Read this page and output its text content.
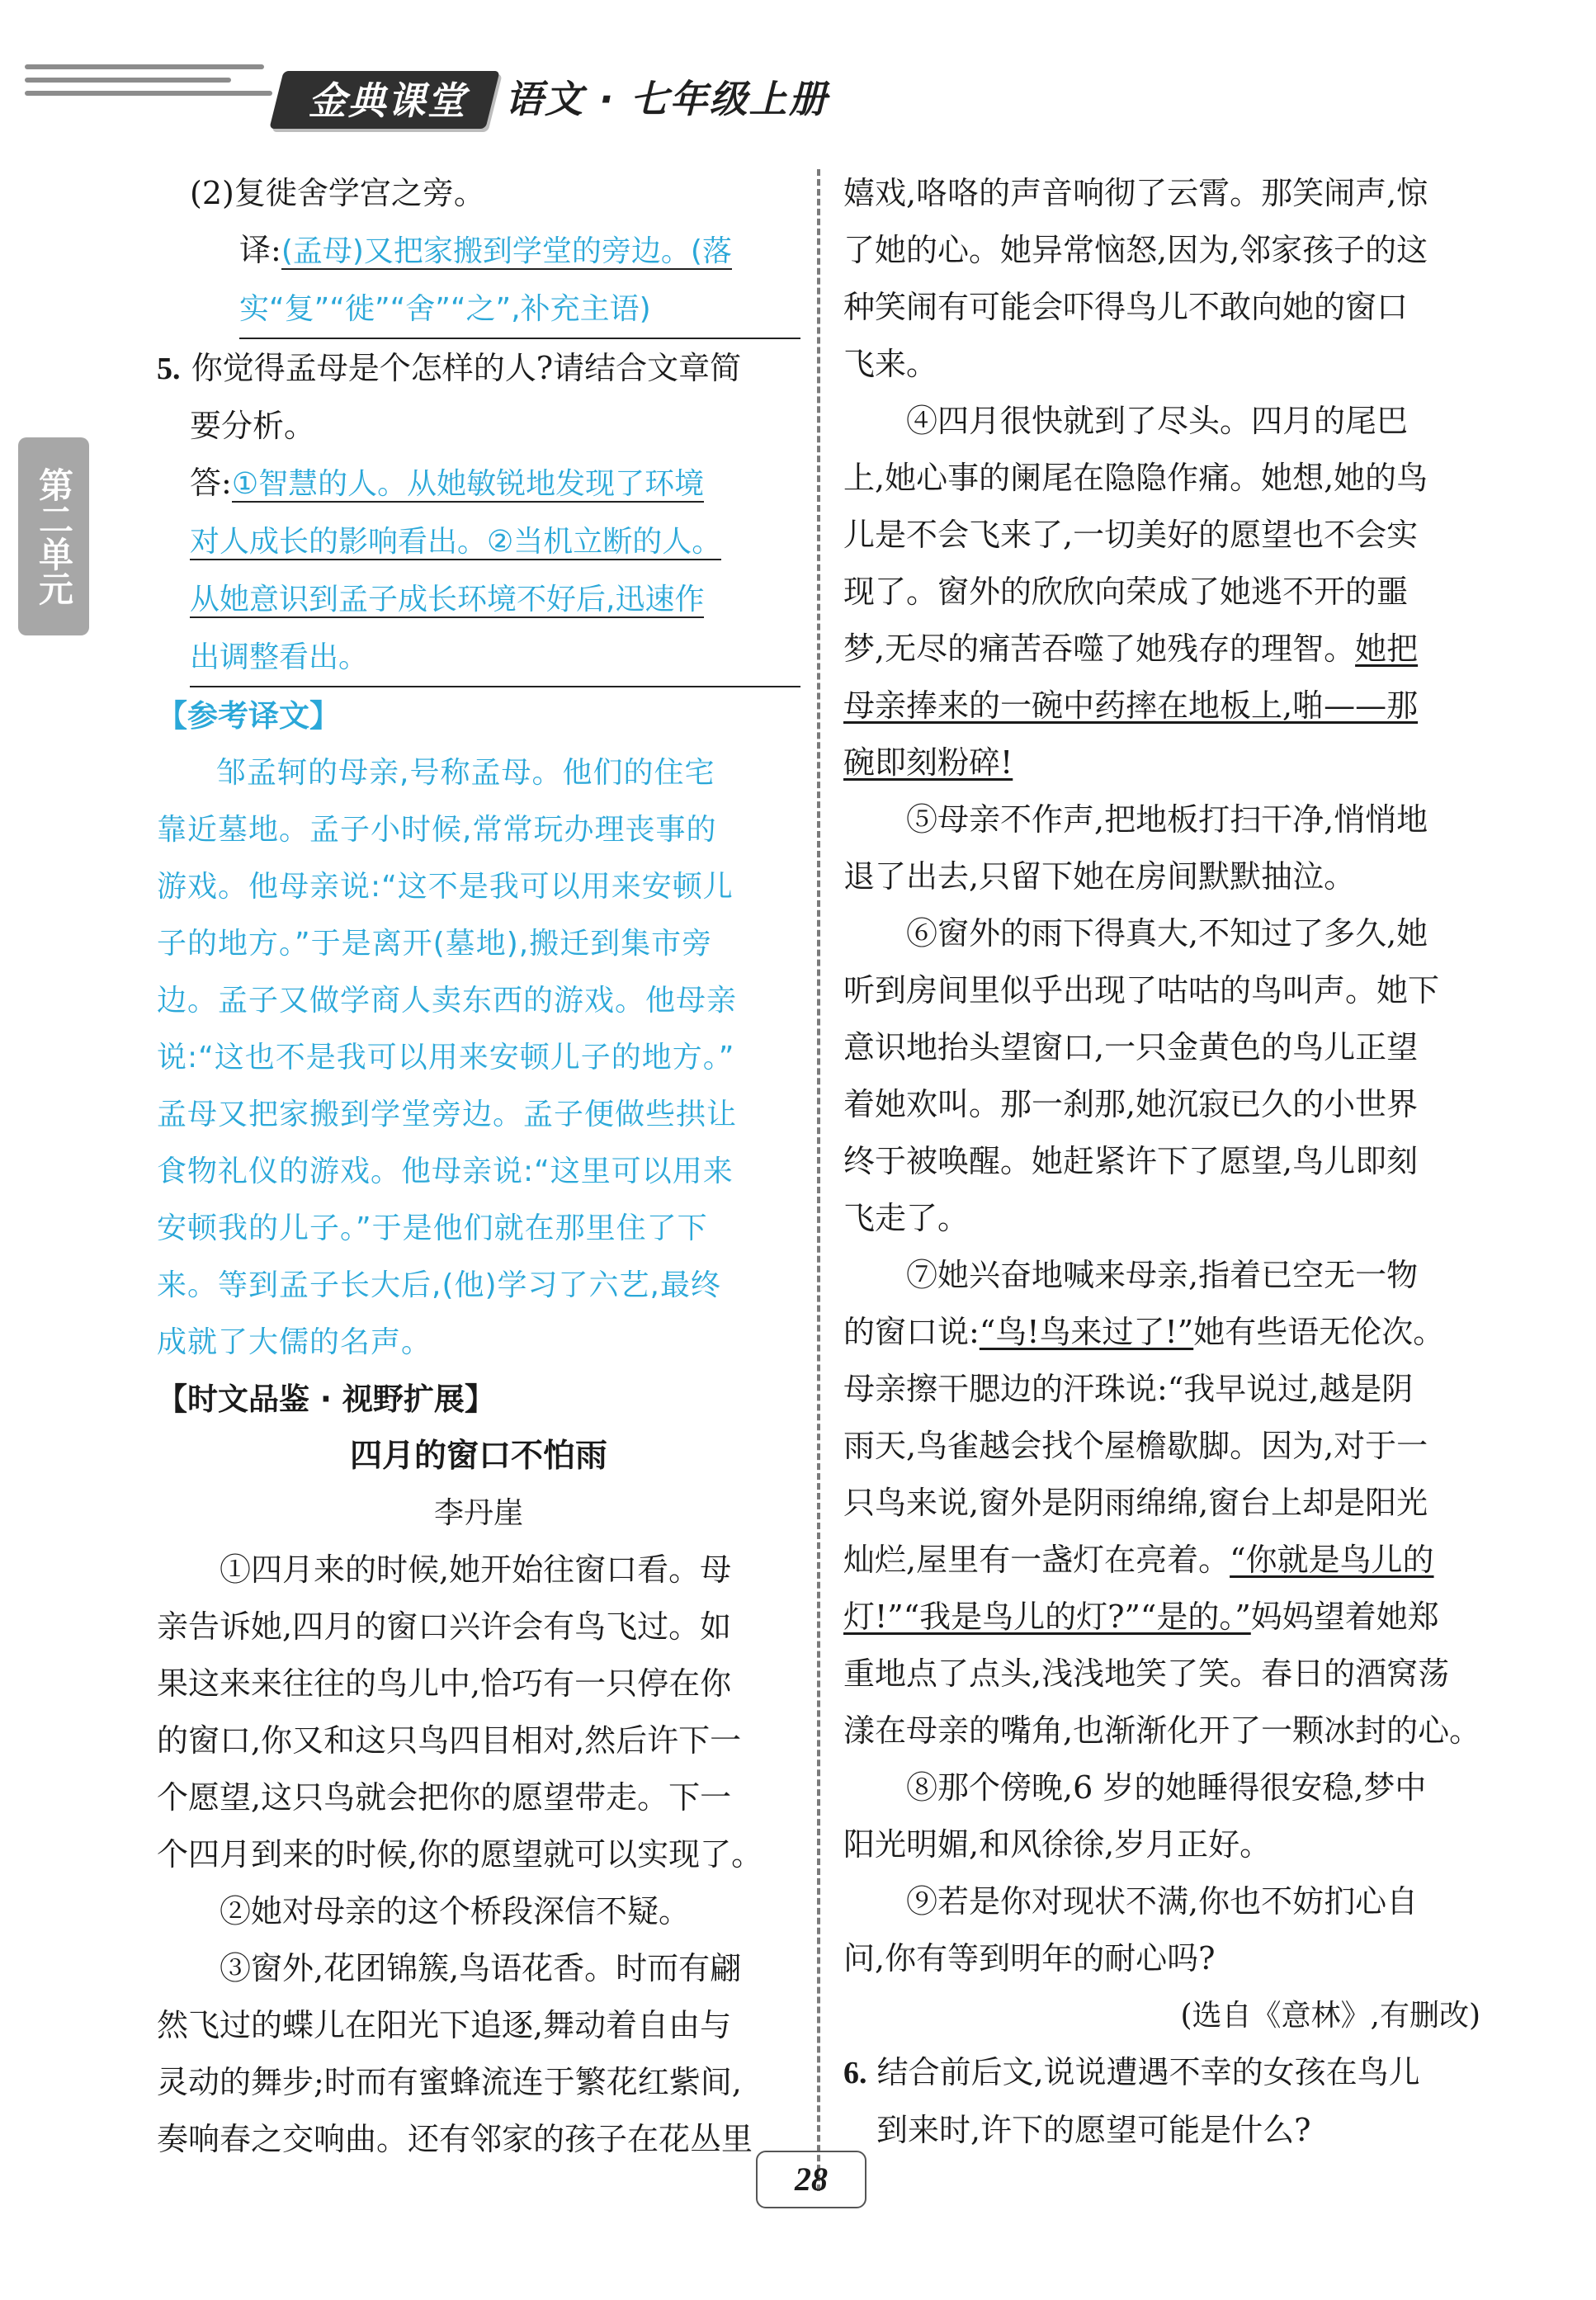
金典课堂	语文 · 七年级上册
第二单元

(2)复徙舍学宫之旁。

译:(孟母)又把家搬到学堂的旁边。(落

实“复”“徙”“舍”“之”,补充主语)

5. 你觉得孟母是个怎样的人?请结合文章简

要分析。

答:①智慧的人。从她敏锐地发现了环境

对人成长的影响看出。②当机立断的人。

从她意识到孟子成长环境不好后,迅速作

出调整看出。

【参考译文】

邹孟轲的母亲,号称孟母。他们的住宅

靠近墓地。孟子小时候,常常玩办理丧事的

游戏。他母亲说:“这不是我可以用来安顿儿

子的地方。”于是离开(墓地),搬迁到集市旁

边。孟子又做学商人卖东西的游戏。他母亲

说:“这也不是我可以用来安顿儿子的地方。”

孟母又把家搬到学堂旁边。孟子便做些拱让

食物礼仪的游戏。他母亲说:“这里可以用来

安顿我的儿子。”于是他们就在那里住了下

来。等到孟子长大后,(他)学习了六艺,最终

成就了大儒的名声。

【时文品鉴 · 视野扩展】

四月的窗口不怕雨

李丹崖

①四月来的时候,她开始往窗口看。母

亲告诉她,四月的窗口兴许会有鸟飞过。如

果这来来往往的鸟儿中,恰巧有一只停在你

的窗口,你又和这只鸟四目相对,然后许下一

个愿望,这只鸟就会把你的愿望带走。下一

个四月到来的时候,你的愿望就可以实现了。

②她对母亲的这个桥段深信不疑。

③窗外,花团锦簇,鸟语花香。时而有翩

然飞过的蝶儿在阳光下追逐,舞动着自由与

灵动的舞步;时而有蜜蜂流连于繁花红紫间,

奏响春之交响曲。还有邻家的孩子在花丛里

嬉戏,咯咯的声音响彻了云霄。那笑闹声,惊

了她的心。她异常恼怒,因为,邻家孩子的这

种笑闹有可能会吓得鸟儿不敢向她的窗口

飞来。

④四月很快就到了尽头。四月的尾巴

上,她心事的阑尾在隐隐作痛。她想,她的鸟

儿是不会飞来了,一切美好的愿望也不会实

现了。窗外的欣欣向荣成了她逃不开的噩

梦,无尽的痛苦吞噬了她残存的理智。她把

母亲捧来的一碗中药摔在地板上,啪——那

碗即刻粉碎!

⑤母亲不作声,把地板打扫干净,悄悄地

退了出去,只留下她在房间默默抽泣。

⑥窗外的雨下得真大,不知过了多久,她

听到房间里似乎出现了咕咕的鸟叫声。她下

意识地抬头望窗口,一只金黄色的鸟儿正望

着她欢叫。那一刹那,她沉寂已久的小世界

终于被唤醒。她赶紧许下了愿望,鸟儿即刻

飞走了。

⑦她兴奋地喊来母亲,指着已空无一物

的窗口说:“鸟!鸟来过了!”她有些语无伦次。

母亲擦干腮边的汗珠说:“我早说过,越是阴

雨天,鸟雀越会找个屋檐歇脚。因为,对于一

只鸟来说,窗外是阴雨绵绵,窗台上却是阳光

灿烂,屋里有一盏灯在亮着。“你就是鸟儿的

灯!”“我是鸟儿的灯?”“是的。”妈妈望着她郑

重地点了点头,浅浅地笑了笑。春日的酒窝荡

漾在母亲的嘴角,也渐渐化开了一颗冰封的心。

⑧那个傍晚,6 岁的她睡得很安稳,梦中

阳光明媚,和风徐徐,岁月正好。

⑨若是你对现状不满,你也不妨扪心自

问,你有等到明年的耐心吗?

(选自《意林》,有删改)

6. 结合前后文,说说遭遇不幸的女孩在鸟儿

到来时,许下的愿望可能是什么?

28
